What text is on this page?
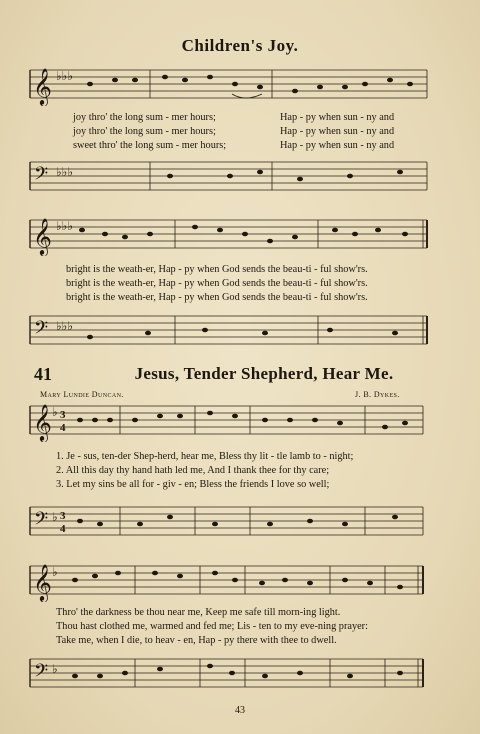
Children's Joy.
𝄞 ♭♭♭
joy thro' the long sum - mer hours;	Hap - py when sun - ny and
joy thro' the long sum - mer hours;	Hap - py when sun - ny and
sweet thro' the long sum - mer hours;	Hap - py when sun - ny and
𝄢 ♭♭♭
𝄞 ♭♭♭
bright is the weath-er, Hap - py when God sends the beau-ti - ful show'rs.
bright is the weath-er, Hap - py when God sends the beau-ti - ful show'rs.
bright is the weath-er, Hap - py when God sends the beau-ti - ful show'rs.
𝄢 ♭♭♭
41	Jesus, Tender Shepherd, Hear Me.
Mary Lundie Duncan.	J. B. Dykes.
𝄞 ♭ 3
4
1. Je - sus, ten-der Shep-herd, hear me, Bless thy lit - tle lamb to - night;
2. All this day thy hand hath led me, And I thank thee for thy care;
3. Let my sins be all for - giv - en; Bless the friends I love so well;
𝄢 ♭ 3
4
𝄞 ♭
Thro' the darkness be thou near me, Keep me safe till morn-ing light.
Thou hast clothed me, warmed and fed me; Lis - ten to my eve-ning prayer:
Take me, when I die, to heav - en, Hap - py there with thee to dwell.
𝄢 ♭
43
